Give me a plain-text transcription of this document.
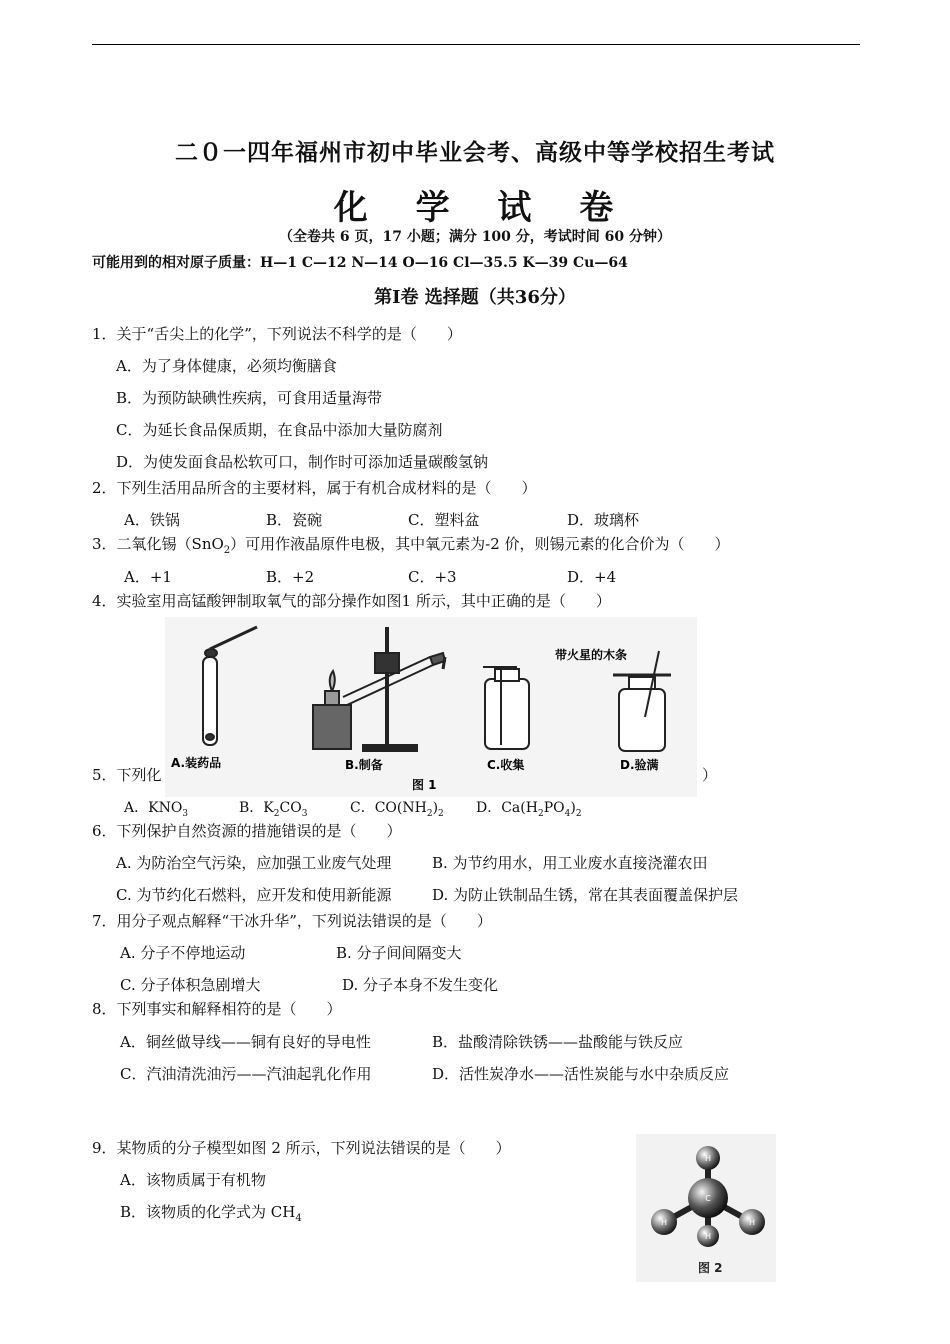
二０一四年福州市初中毕业会考、高级中等学校招生考试
化 学 试 卷
（全卷共 6 页，17 小题；满分 100 分，考试时间 60 分钟）
可能用到的相对原子质量：H—1 C—12 N—14 O—16 Cl—35.5 K—39 Cu—64
第Ⅰ卷 选择题（共36分）
1．关于“舌尖上的化学”，下列说法不科学的是（　　）
A．为了身体健康，必须均衡膳食
B．为预防缺碘性疾病，可食用适量海带
C．为延长食品保质期，在食品中添加大量防腐剂
D．为使发面食品松软可口，制作时可添加适量碳酸氢钠
2．下列生活用品所含的主要材料，属于有机合成材料的是（　　）
A．铁锅	B．瓷碗	C．塑料盆	D．玻璃杯
3．二氧化锡（SnO$_2$）可用作液晶原件电极，其中氧元素为-2 价，则锡元素的化合价为（　　）
A．+1	B．+2	C．+3	D．+4
4．实验室用高锰酸钾制取氧气的部分操作如图1 所示，其中正确的是（　　）
5．下列化	）
A.装药品	B.制备	C.收集	D.验满
带火星的木条
图 1
A．$KNO_3$	B．$K_2CO_3$	C．$CO(NH_2)_2$ D．$Ca(H_2PO_4)_2$
6．下列保护自然资源的措施错误的是（　　）
A. 为防治空气污染，应加强工业废气处理	B. 为节约用水，用工业废水直接浇灌农田
C. 为节约化石燃料，应开发和使用新能源	D. 为防止铁制品生锈，常在其表面覆盖保护层
7．用分子观点解释“干冰升华”，下列说法错误的是（　　）
A. 分子不停地运动	B. 分子间间隔变大
C. 分子体积急剧增大	D. 分子本身不发生变化
8．下列事实和解释相符的是（　　）
A．铜丝做导线——铜有良好的导电性	B．盐酸清除铁锈——盐酸能与铁反应
C．汽油清洗油污——汽油起乳化作用	D．活性炭净水——活性炭能与水中杂质反应
9．某物质的分子模型如图 2 所示，下列说法错误的是（　　）
A．该物质属于有机物
B．该物质的化学式为 $CH_4$
H
H	H
H
C
图 2
